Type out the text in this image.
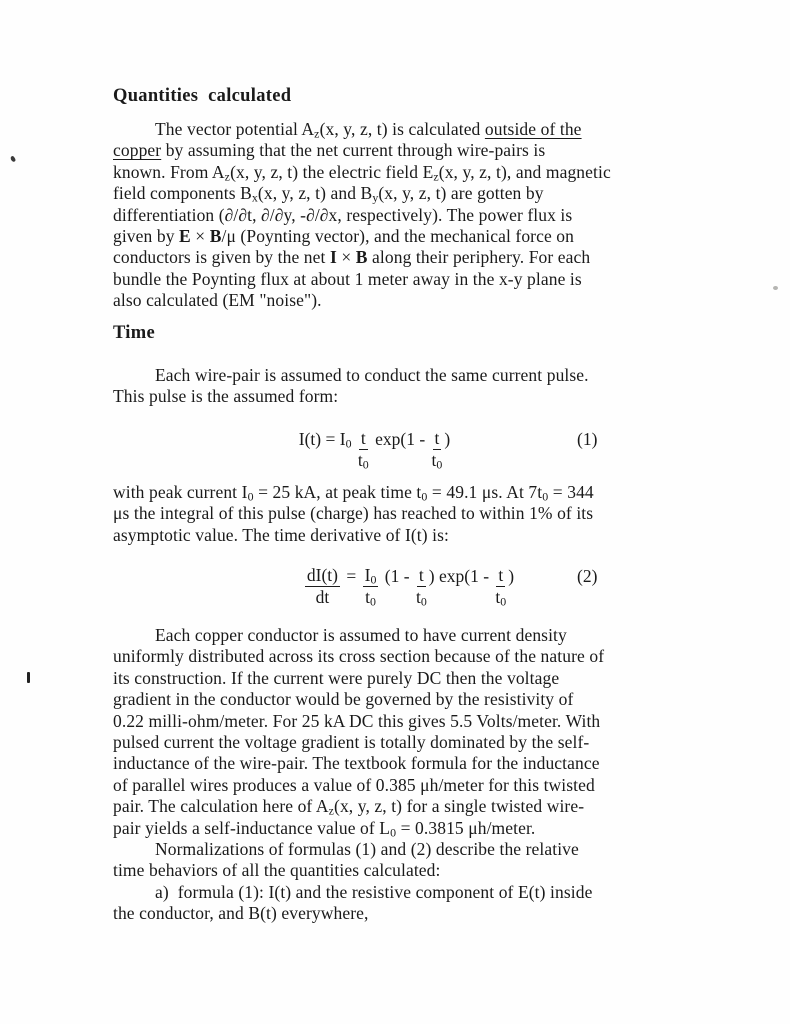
Quantities calculated
The vector potential $A_z(x$, y, z, t) is calculated outside of the
copper by assuming that the net current through wire-pairs is
known. From $A_z(x$, y, z, t) the electric field $E_z(x$, y, z, t), and magnetic
field components $B_x(x$, y, z, t) and $B_y(x$, y, z, t) are gotten by
differentiation (∂/∂t, ∂/∂y, -∂/∂x, respectively). The power flux is
given by E × B/μ (Poynting vector), and the mechanical force on
conductors is given by the net I × B along their periphery. For each
bundle the Poynting flux at about 1 meter away in the x-y plane is
also calculated (EM "noise").
Time
Each wire-pair is assumed to conduct the same current pulse.
This pulse is the assumed form:
$I(t) = I_0 \frac{t}{t_0} \exp(1 - \frac{t}{t_0}$ )	(1)
with peak current $I_0 = 25$ kA, at peak time $t_0 = 49.1$ μs. At $7t_0 = 344$
μs the integral of this pulse (charge) has reached to within 1% of its
asymptotic value. The time derivative of I(t) is:
$\frac{dI(t)}{dt} = \frac{I_0}{t_0} (1 - \frac{t}{t_0}$ ) $\exp(1 - \frac{t}{t_0}$ )	(2)
Each copper conductor is assumed to have current density
uniformly distributed across its cross section because of the nature of
its construction. If the current were purely DC then the voltage
gradient in the conductor would be governed by the resistivity of
0.22 milli-ohm/meter. For 25 kA DC this gives 5.5 Volts/meter. With
pulsed current the voltage gradient is totally dominated by the self-
inductance of the wire-pair. The textbook formula for the inductance
of parallel wires produces a value of 0.385 μh/meter for this twisted
pair. The calculation here of $A_z(x$, y, z, t) for a single twisted wire-
pair yields a self-inductance value of $L_0 = 0.3815$ μh/meter.
Normalizations of formulas (1) and (2) describe the relative
time behaviors of all the quantities calculated:
a)  formula (1): I(t) and the resistive component of E(t) inside
the conductor, and B(t) everywhere,
